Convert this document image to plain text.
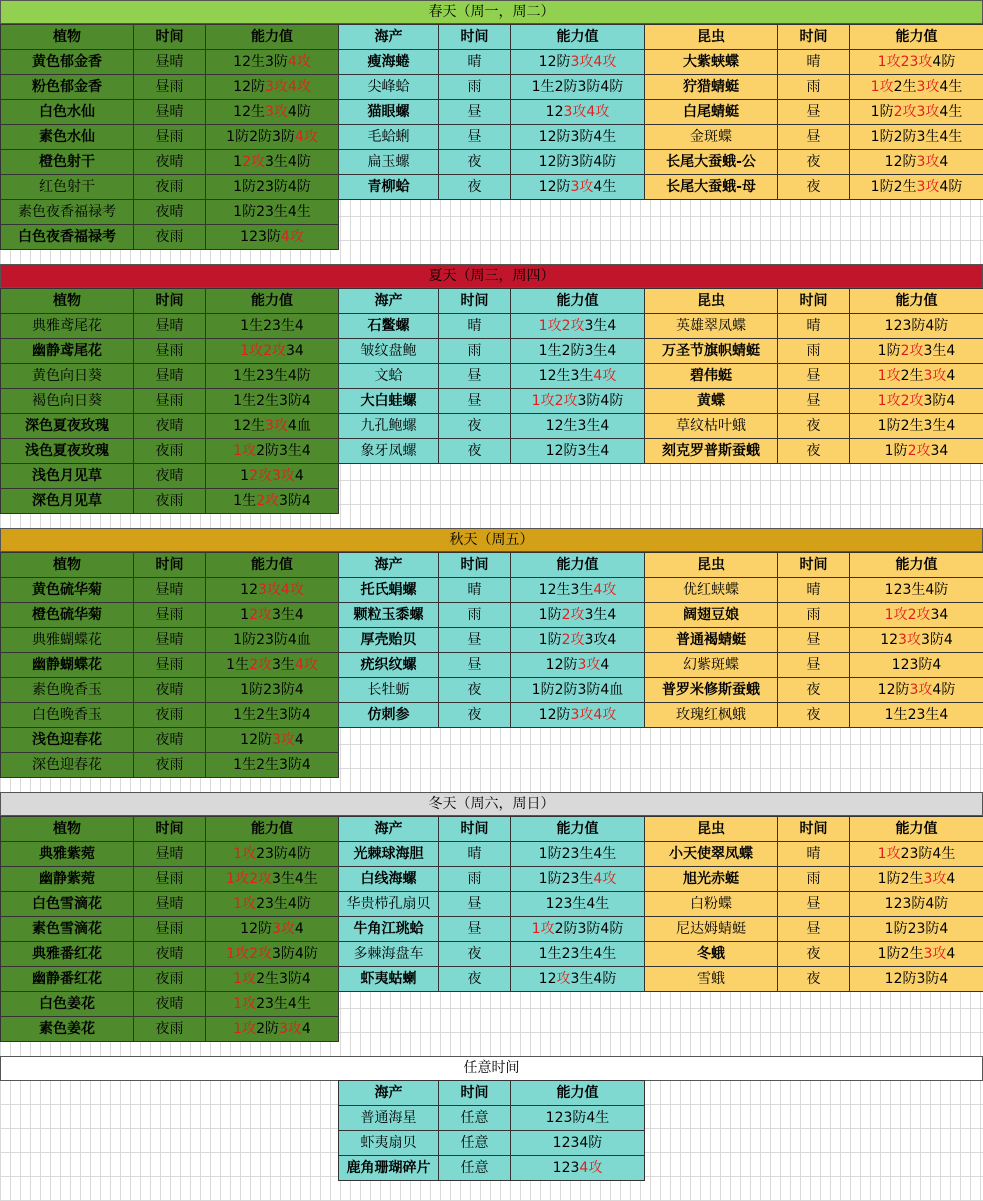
春天（周一，周二）
植物	时间	能力值
黄色郁金香	昼晴	12生3防4攻
粉色郁金香	昼雨	12防3攻4攻
白色水仙	昼晴	12生3攻4防
素色水仙	昼雨	1防2防3防4攻
橙色射干	夜晴	12攻3生4防
红色射干	夜雨	1防23防4防
素色夜香福禄考	夜晴	1防23生4生
白色夜香福禄考	夜雨	123防4攻
海产	时间	能力值
瘦海蜷	晴	12防3攻4攻
尖峰蛤	雨	1生2防3防4防
猫眼螺	昼	123攻4攻
毛蛤蜊	昼	12防3防4生
扁玉螺	夜	12防3防4防
青柳蛤	夜	12防3攻4生
昆虫	时间	能力值
大紫蛱蝶	晴	1攻23攻4防
狞猎蜻蜓	雨	1攻2生3攻4生
白尾蜻蜓	昼	1防2攻3攻4生
金斑蝶	昼	1防2防3生4生
长尾大蚕蛾-公	夜	12防3攻4
长尾大蚕蛾-母	夜	1防2生3攻4防
夏天（周三，周四）
植物	时间	能力值
典雅鸢尾花	昼晴	1生23生4
幽静鸢尾花	昼雨	1攻2攻34
黄色向日葵	昼晴	1生23生4防
褐色向日葵	昼雨	1生2生3防4
深色夏夜玫瑰	夜晴	12生3攻4血
浅色夏夜玫瑰	夜雨	1攻2防3生4
浅色月见草	夜晴	12攻3攻4
深色月见草	夜雨	1生2攻3防4
海产	时间	能力值
石鳖螺	晴	1攻2攻3生4
皱纹盘鲍	雨	1生2防3生4
文蛤	昼	12生3生4攻
大白蛙螺	昼	1攻2攻3防4防
九孔鲍螺	夜	12生3生4
象牙凤螺	夜	12防3生4
昆虫	时间	能力值
英雄翠凤蝶	晴	123防4防
万圣节旗帜蜻蜓	雨	1防2攻3生4
碧伟蜓	昼	1攻2生3攻4
黄蝶	昼	1攻2攻3防4
草纹枯叶蛾	夜	1防2生3生4
刻克罗普斯蚕蛾	夜	1防2攻34
秋天（周五）
植物	时间	能力值
黄色硫华菊	昼晴	123攻4攻
橙色硫华菊	昼雨	12攻3生4
典雅蝴蝶花	昼晴	1防23防4血
幽静蝴蝶花	昼雨	1生2攻3生4攻
素色晚香玉	夜晴	1防23防4
白色晚香玉	夜雨	1生2生3防4
浅色迎春花	夜晴	12防3攻4
深色迎春花	夜雨	1生2生3防4
海产	时间	能力值
托氏蜎螺	晴	12生3生4攻
颗粒玉黍螺	雨	1防2攻3生4
厚壳贻贝	昼	1防2攻3攻4
疣织纹螺	昼	12防3攻4
长牡蛎	夜	1防2防3防4血
仿刺参	夜	12防3攻4攻
昆虫	时间	能力值
优红蛱蝶	晴	123生4防
阔翅豆娘	雨	1攻2攻34
普通褐蜻蜓	昼	123攻3防4
幻紫斑蝶	昼	123防4
普罗米修斯蚕蛾	夜	12防3攻4防
玫瑰红枫蛾	夜	1生23生4
冬天（周六，周日）
植物	时间	能力值
典雅紫菀	昼晴	1攻23防4防
幽静紫菀	昼雨	1攻2攻3生4生
白色雪滴花	昼晴	1攻23生4防
素色雪滴花	昼雨	12防3攻4
典雅番红花	夜晴	1攻2攻3防4防
幽静番红花	夜雨	1攻2生3防4
白色姜花	夜晴	1攻23生4生
素色姜花	夜雨	1攻2防3攻4
海产	时间	能力值
光棘球海胆	晴	1防23生4生
白线海螺	雨	1防23生4攻
华贵栉孔扇贝	昼	123生4生
牛角江珧蛤	昼	1攻2防3防4防
多棘海盘车	夜	1生23生4生
虾夷蛄蝲	夜	12攻3生4防
昆虫	时间	能力值
小天使翠凤蝶	晴	1攻23防4生
旭光赤蜓	雨	1防2生3攻4
白粉蝶	昼	123防4防
尼达姆蜻蜓	昼	1防23防4
冬蛾	夜	1防2生3攻4
雪蛾	夜	12防3防4
任意时间
海产	时间	能力值
普通海星	任意	123防4生
虾夷扇贝	任意	1234防
鹿角珊瑚碎片	任意	1234攻
